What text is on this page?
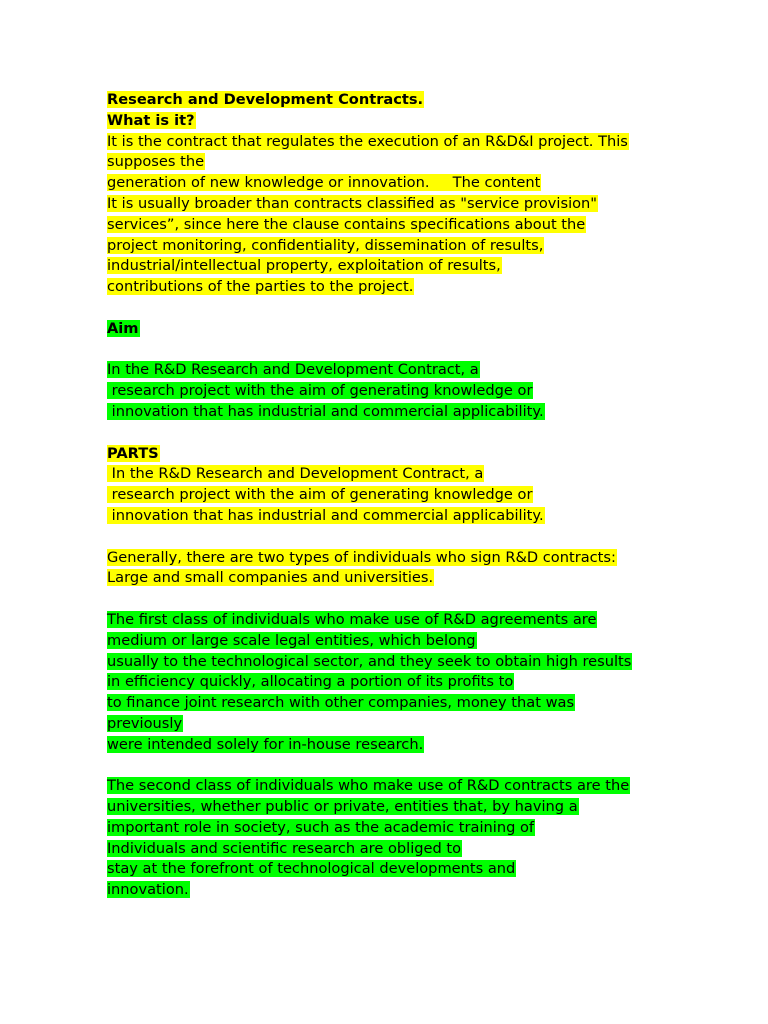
Research and Development Contracts.
What is it?
It is the contract that regulates the execution of an R&D&I project. This
supposes the
generation of new knowledge or innovation.     The content
It is usually broader than contracts classified as "service provision"
services”, since here the clause contains specifications about the
project monitoring, confidentiality, dissemination of results,
industrial/intellectual property, exploitation of results,
contributions of the parties to the project.
Aim
In the R&D Research and Development Contract, a
research project with the aim of generating knowledge or
innovation that has industrial and commercial applicability.
PARTS
In the R&D Research and Development Contract, a
research project with the aim of generating knowledge or
innovation that has industrial and commercial applicability.
Generally, there are two types of individuals who sign R&D contracts:
Large and small companies and universities.
The first class of individuals who make use of R&D agreements are
medium or large scale legal entities, which belong
usually to the technological sector, and they seek to obtain high results
in efficiency quickly, allocating a portion of its profits to
to finance joint research with other companies, money that was
previously
were intended solely for in-house research.
The second class of individuals who make use of R&D contracts are the
universities, whether public or private, entities that, by having a
important role in society, such as the academic training of
Individuals and scientific research are obliged to
stay at the forefront of technological developments and
innovation.
